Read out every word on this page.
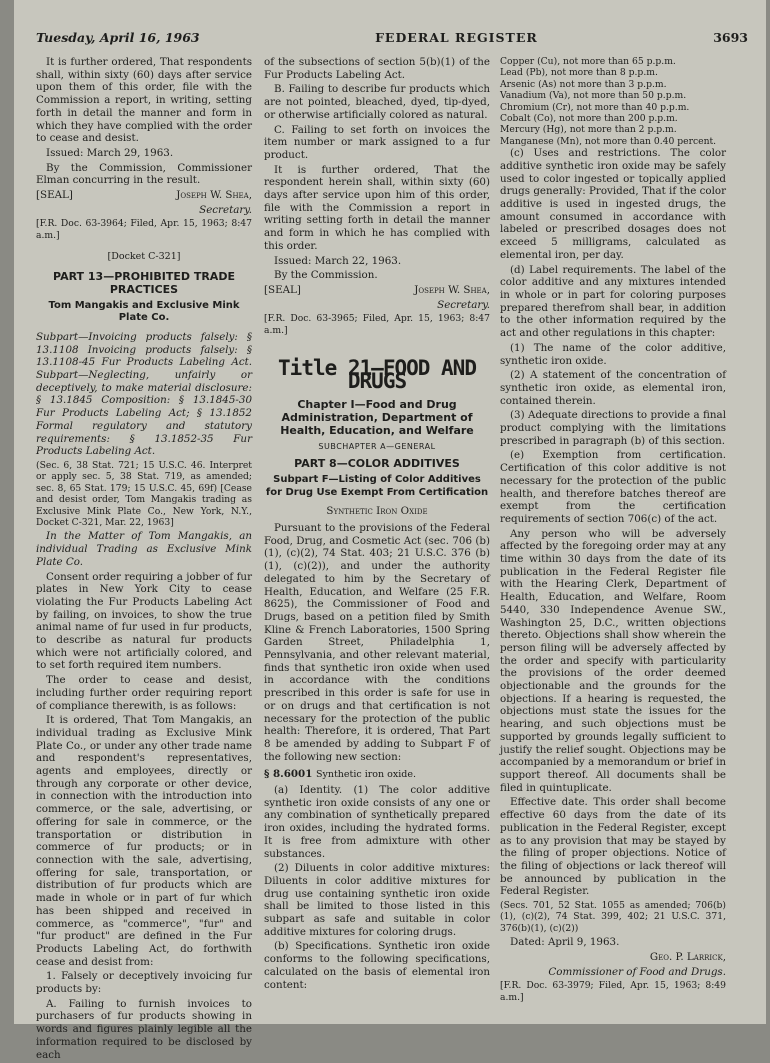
Tuesday, April 16, 1963	FEDERAL REGISTER	3693

It is further ordered, That respondents shall, within sixty (60) days after service upon them of this order, file with the Commission a report, in writing, setting forth in detail the manner and form in which they have complied with the order to cease and desist.

Issued: March 29, 1963.

By the Commission, Commissioner Elman concurring in the result.

[SEAL]	Joseph W. Shea,

Secretary.

[F.R. Doc. 63-3964; Filed, Apr. 15, 1963; 8:47 a.m.]

[Docket C-321]

PART 13—PROHIBITED TRADE PRACTICES
Tom Mangakis and Exclusive Mink Plate Co.

Subpart—Invoicing products falsely: § 13.1108 Invoicing products falsely: § 13.1108-45 Fur Products Labeling Act. Subpart—Neglecting, unfairly or deceptively, to make material disclosure: § 13.1845 Composition: § 13.1845-30 Fur Products Labeling Act; § 13.1852 Formal regulatory and statutory requirements: § 13.1852-35 Fur Products Labeling Act.

(Sec. 6, 38 Stat. 721; 15 U.S.C. 46. Interpret or apply sec. 5, 38 Stat. 719, as amended; sec. 8, 65 Stat. 179; 15 U.S.C. 45, 69f) [Cease and desist order, Tom Mangakis trading as Exclusive Mink Plate Co., New York, N.Y., Docket C-321, Mar. 22, 1963]

In the Matter of Tom Mangakis, an individual Trading as Exclusive Mink Plate Co.

Consent order requiring a jobber of fur plates in New York City to cease violating the Fur Products Labeling Act by failing, on invoices, to show the true animal name of fur used in fur products, to describe as natural fur products which were not artificially colored, and to set forth required item numbers.

The order to cease and desist, including further order requiring report of compliance therewith, is as follows:

It is ordered, That Tom Mangakis, an individual trading as Exclusive Mink Plate Co., or under any other trade name and respondent's representatives, agents and employees, directly or through any corporate or other device, in connection with the introduction into commerce, or the sale, advertising, or offering for sale in commerce, or the transportation or distribution in commerce of fur products; or in connection with the sale, advertising, offering for sale, transportation, or distribution of fur products which are made in whole or in part of fur which has been shipped and received in commerce, as "commerce", "fur" and "fur product" are defined in the Fur Products Labeling Act, do forthwith cease and desist from:

1. Falsely or deceptively invoicing fur products by:

A. Failing to furnish invoices to purchasers of fur products showing in words and figures plainly legible all the information required to be disclosed by each

of the subsections of section 5(b)(1) of the Fur Products Labeling Act.

B. Failing to describe fur products which are not pointed, bleached, dyed, tip-dyed, or otherwise artificially colored as natural.

C. Failing to set forth on invoices the item number or mark assigned to a fur product.

It is further ordered, That the respondent herein shall, within sixty (60) days after service upon him of this order, file with the Commission a report in writing setting forth in detail the manner and form in which he has complied with this order.

Issued: March 22, 1963.

By the Commission.

[SEAL]	Joseph W. Shea,

Secretary.

[F.R. Doc. 63-3965; Filed, Apr. 15, 1963; 8:47 a.m.]

Title 21—FOOD AND DRUGS
Chapter I—Food and Drug Administration, Department of Health, Education, and Welfare
SUBCHAPTER A—GENERAL
PART 8—COLOR ADDITIVES
Subpart F—Listing of Color Additives for Drug Use Exempt From Certification

Synthetic Iron Oxide

Pursuant to the provisions of the Federal Food, Drug, and Cosmetic Act (sec. 706 (b)(1), (c)(2), 74 Stat. 403; 21 U.S.C. 376 (b)(1), (c)(2)), and under the authority delegated to him by the Secretary of Health, Education, and Welfare (25 F.R. 8625), the Commissioner of Food and Drugs, based on a petition filed by Smith Kline & French Laboratories, 1500 Spring Garden Street, Philadelphia 1, Pennsylvania, and other relevant material, finds that synthetic iron oxide when used in accordance with the conditions prescribed in this order is safe for use in or on drugs and that certification is not necessary for the protection of the public health: Therefore, it is ordered, That Part 8 be amended by adding to Subpart F of the following new section:

§ 8.6001 Synthetic iron oxide.

(a) Identity. (1) The color additive synthetic iron oxide consists of any one or any combination of synthetically prepared iron oxides, including the hydrated forms. It is free from admixture with other substances.

(2) Diluents in color additive mixtures: Diluents in color additive mixtures for drug use containing synthetic iron oxide shall be limited to those listed in this subpart as safe and suitable in color additive mixtures for coloring drugs.

(b) Specifications. Synthetic iron oxide conforms to the following specifications, calculated on the basis of elemental iron content:

Copper (Cu), not more than 65 p.p.m.
Lead (Pb), not more than 8 p.p.m.
Arsenic (As) not more than 3 p.p.m.
Vanadium (Va), not more than 50 p.p.m.
Chromium (Cr), not more than 40 p.p.m.
Cobalt (Co), not more than 200 p.p.m.
Mercury (Hg), not more than 2 p.p.m.
Manganese (Mn), not more than 0.40 percent.

(c) Uses and restrictions. The color additive synthetic iron oxide may be safely used to color ingested or topically applied drugs generally: Provided, That if the color additive is used in ingested drugs, the amount consumed in accordance with labeled or prescribed dosages does not exceed 5 milligrams, calculated as elemental iron, per day.

(d) Label requirements. The label of the color additive and any mixtures intended in whole or in part for coloring purposes prepared therefrom shall bear, in addition to the other information required by the act and other regulations in this chapter:

(1) The name of the color additive, synthetic iron oxide.

(2) A statement of the concentration of synthetic iron oxide, as elemental iron, contained therein.

(3) Adequate directions to provide a final product complying with the limitations prescribed in paragraph (b) of this section.

(e) Exemption from certification. Certification of this color additive is not necessary for the protection of the public health, and therefore batches thereof are exempt from the certification requirements of section 706(c) of the act.

Any person who will be adversely affected by the foregoing order may at any time within 30 days from the date of its publication in the Federal Register file with the Hearing Clerk, Department of Health, Education, and Welfare, Room 5440, 330 Independence Avenue SW., Washington 25, D.C., written objections thereto. Objections shall show wherein the person filing will be adversely affected by the order and specify with particularity the provisions of the order deemed objectionable and the grounds for the objections. If a hearing is requested, the objections must state the issues for the hearing, and such objections must be supported by grounds legally sufficient to justify the relief sought. Objections may be accompanied by a memorandum or brief in support thereof. All documents shall be filed in quintuplicate.

Effective date. This order shall become effective 60 days from the date of its publication in the Federal Register, except as to any provision that may be stayed by the filing of proper objections. Notice of the filing of objections or lack thereof will be announced by publication in the Federal Register.

(Secs. 701, 52 Stat. 1055 as amended; 706(b)(1), (c)(2), 74 Stat. 399, 402; 21 U.S.C. 371, 376(b)(1), (c)(2))

Dated: April 9, 1963.

Geo. P. Larrick,

Commissioner of Food and Drugs.

[F.R. Doc. 63-3979; Filed, Apr. 15, 1963; 8:49 a.m.]
